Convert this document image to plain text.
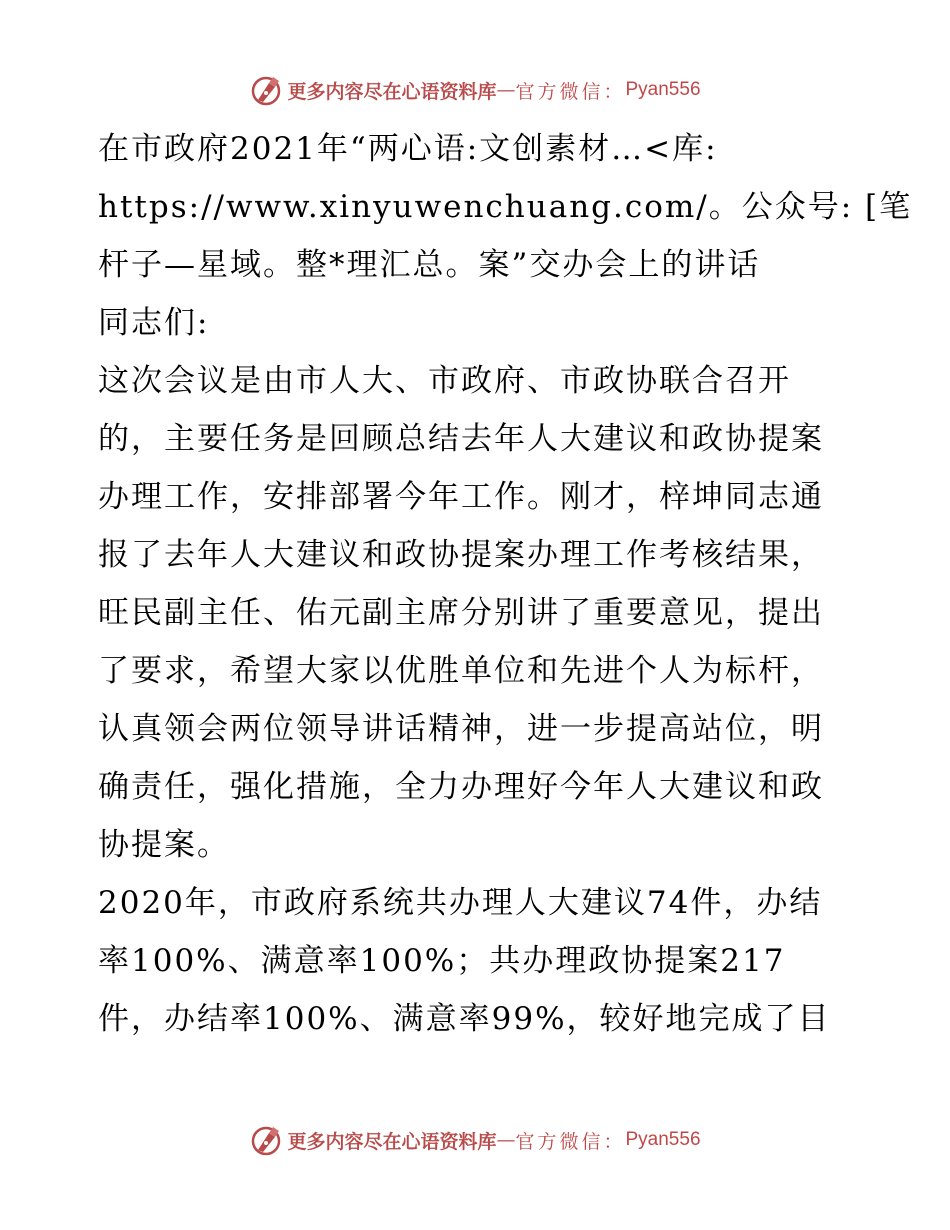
更多内容尽在心语资料库 — 官方微信： Pyan556
在市政府2021年“两心语:文创素材…<库:
https://www.xinyuwenchuang.com/。公众号: [笔
杆子—星域。整*理汇总。案”交办会上的讲话
同志们:
这次会议是由市人大、市政府、市政协联合召开
的，主要任务是回顾总结去年人大建议和政协提案
办理工作，安排部署今年工作。刚才，梓坤同志通
报了去年人大建议和政协提案办理工作考核结果，
旺民副主任、佑元副主席分别讲了重要意见，提出
了要求，希望大家以优胜单位和先进个人为标杆，
认真领会两位领导讲话精神，进一步提高站位，明
确责任，强化措施，全力办理好今年人大建议和政
协提案。
2020年，市政府系统共办理人大建议74件，办结
率100%、满意率100%；共办理政协提案217
件，办结率100%、满意率99%，较好地完成了目
更多内容尽在心语资料库 — 官方微信： Pyan556
